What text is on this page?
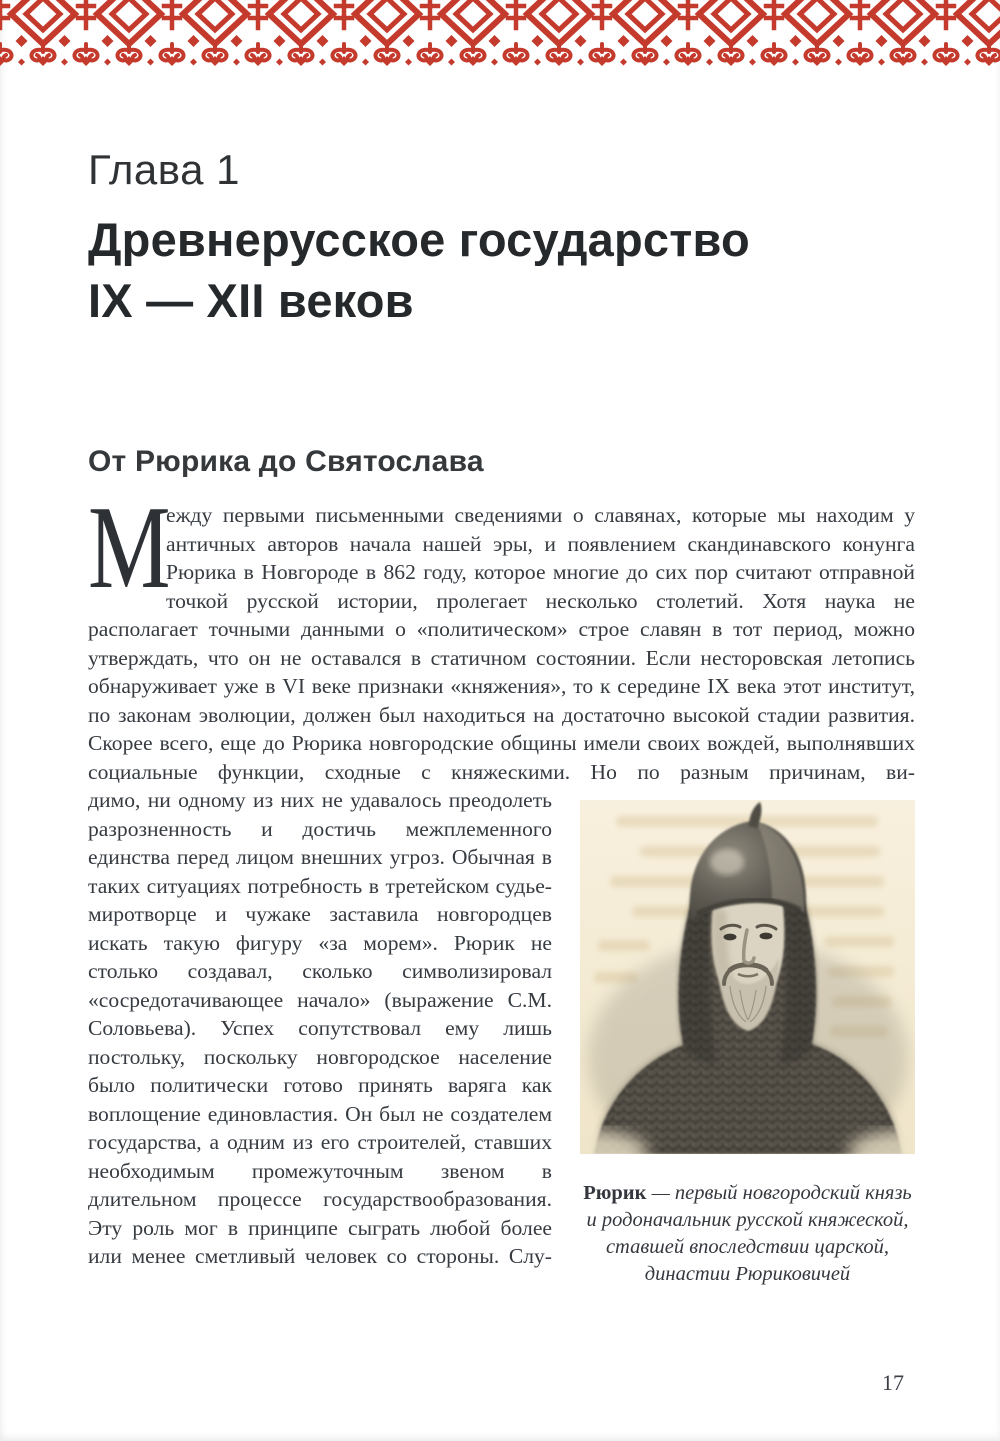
Глава 1
Древнерусское государство
IX — XII веков
От Рюрика до Святослава

М
ежду первыми письменными сведениями о славянах, которые мы находим у античных авторов начала нашей эры, и появлением скандинавского конунга Рюрика в Новгороде в 862 году, которое многие до сих пор считают отправной точкой русской истории, пролегает несколько столетий. Хотя наука не располагает точными данными о «политическом» строе славян в тот период, можно утверждать, что он не оставался в статичном состоянии. Если несторовская летопись обнаруживает уже в VI веке признаки «княжения», то к середине IX века этот институт, по законам эволюции, должен был находиться на достаточно высокой стадии развития. Скорее всего, еще до Рюрика новгородские общины имели своих вождей, выполнявших социальные функции, сходные с княжескими. Но по разным причинам, ви-

Рюрик — первый новгородский князь и родоначальник русской княжеской, ставшей впоследствии царской, династии Рюриковичей

димо, ни одному из них не удавалось преодолеть разрозненность и достичь межплеменного единства перед лицом внешних угроз. Обычная в таких ситуациях потребность в третейском судье-миротворце и чужаке заставила новгородцев искать такую фигуру «за морем». Рюрик не столько создавал, сколько символизировал «сосредотачивающее начало» (выражение С.М. Соловьева). Успех сопутствовал ему лишь постольку, поскольку новгородское население было политически готово принять варяга как воплощение единовластия. Он был не создателем государства, а одним из его строителей, ставших необходимым промежуточным звеном в длительном процессе государствообразования. Эту роль мог в принципе сыграть любой более или менее сметливый человек со стороны. Слу-

17
